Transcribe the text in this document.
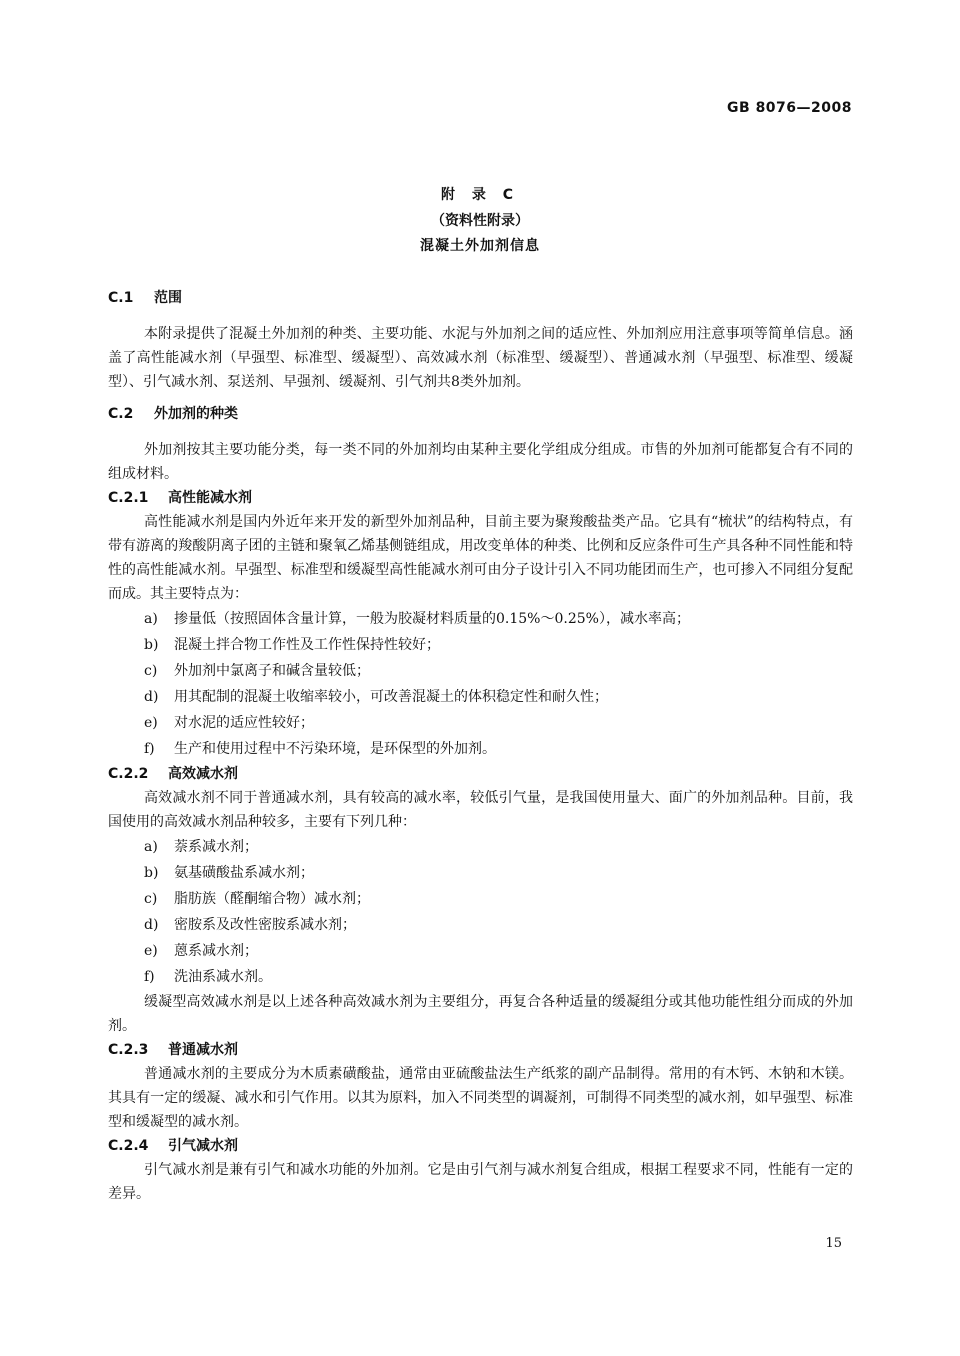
GB 8076—2008
附 录 C
（资料性附录）
混凝土外加剂信息
C.1 范围

本附录提供了混凝土外加剂的种类、主要功能、水泥与外加剂之间的适应性、外加剂应用注意事项等简单信息。涵盖了高性能减水剂（早强型、标准型、缓凝型）、高效减水剂（标准型、缓凝型）、普通减水剂（早强型、标准型、缓凝型）、引气减水剂、泵送剂、早强剂、缓凝剂、引气剂共8类外加剂。

C.2 外加剂的种类

外加剂按其主要功能分类，每一类不同的外加剂均由某种主要化学组成分组成。市售的外加剂可能都复合有不同的组成材料。

C.2.1 高性能减水剂

高性能减水剂是国内外近年来开发的新型外加剂品种，目前主要为聚羧酸盐类产品。它具有“梳状”的结构特点，有带有游离的羧酸阴离子团的主链和聚氧乙烯基侧链组成，用改变单体的种类、比例和反应条件可生产具各种不同性能和特性的高性能减水剂。早强型、标准型和缓凝型高性能减水剂可由分子设计引入不同功能团而生产，也可掺入不同组分复配而成。其主要特点为：

a) 掺量低（按照固体含量计算，一般为胶凝材料质量的0.15%～0.25%），减水率高；
b) 混凝土拌合物工作性及工作性保持性较好；
c) 外加剂中氯离子和碱含量较低；
d) 用其配制的混凝土收缩率较小，可改善混凝土的体积稳定性和耐久性；
e) 对水泥的适应性较好；
f) 生产和使用过程中不污染环境，是环保型的外加剂。
C.2.2 高效减水剂

高效减水剂不同于普通减水剂，具有较高的减水率，较低引气量，是我国使用量大、面广的外加剂品种。目前，我国使用的高效减水剂品种较多，主要有下列几种：

a) 萘系减水剂；
b) 氨基磺酸盐系减水剂；
c) 脂肪族（醛酮缩合物）减水剂；
d) 密胺系及改性密胺系减水剂；
e) 蒽系减水剂；
f) 洗油系减水剂。

缓凝型高效减水剂是以上述各种高效减水剂为主要组分，再复合各种适量的缓凝组分或其他功能性组分而成的外加剂。

C.2.3 普通减水剂

普通减水剂的主要成分为木质素磺酸盐，通常由亚硫酸盐法生产纸浆的副产品制得。常用的有木钙、木钠和木镁。其具有一定的缓凝、减水和引气作用。以其为原料，加入不同类型的调凝剂，可制得不同类型的减水剂，如早强型、标准型和缓凝型的减水剂。

C.2.4 引气减水剂

引气减水剂是兼有引气和减水功能的外加剂。它是由引气剂与减水剂复合组成，根据工程要求不同，性能有一定的差异。

15
